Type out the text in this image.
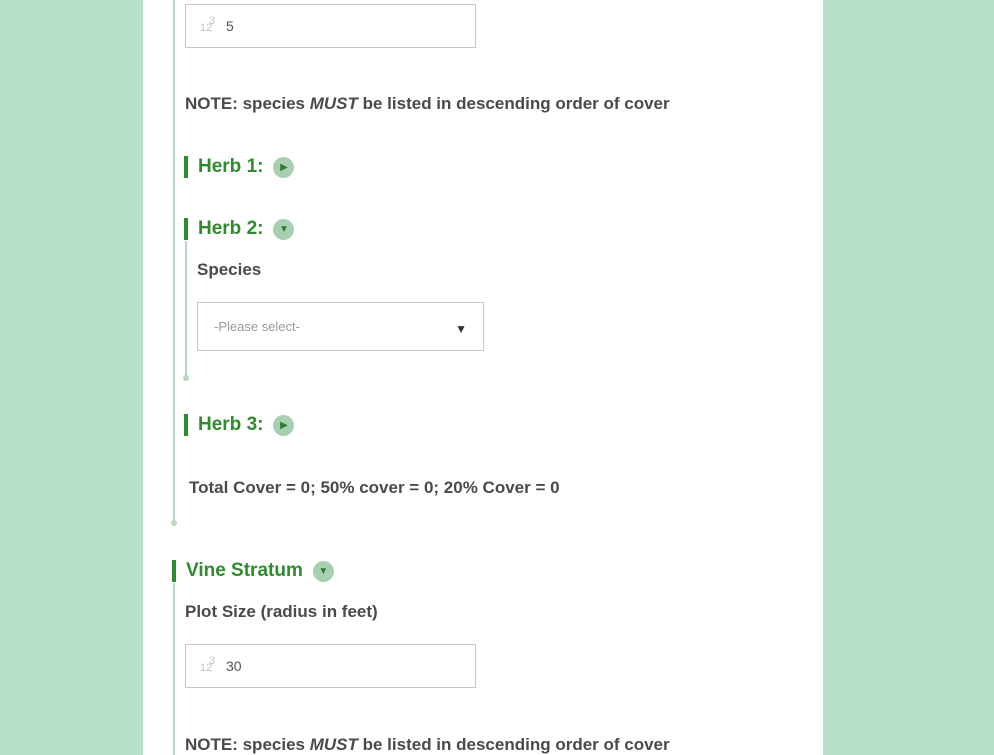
12
3 5
NOTE: species MUST be listed in descending order of cover
Herb 1:	▶
Herb 2:	▼
Species
-Please select-	▼
Herb 3:	▶
Total Cover = 0; 50% cover = 0; 20% Cover = 0
Vine Stratum	▼
Plot Size (radius in feet)
12
3 30
NOTE: species MUST be listed in descending order of cover
